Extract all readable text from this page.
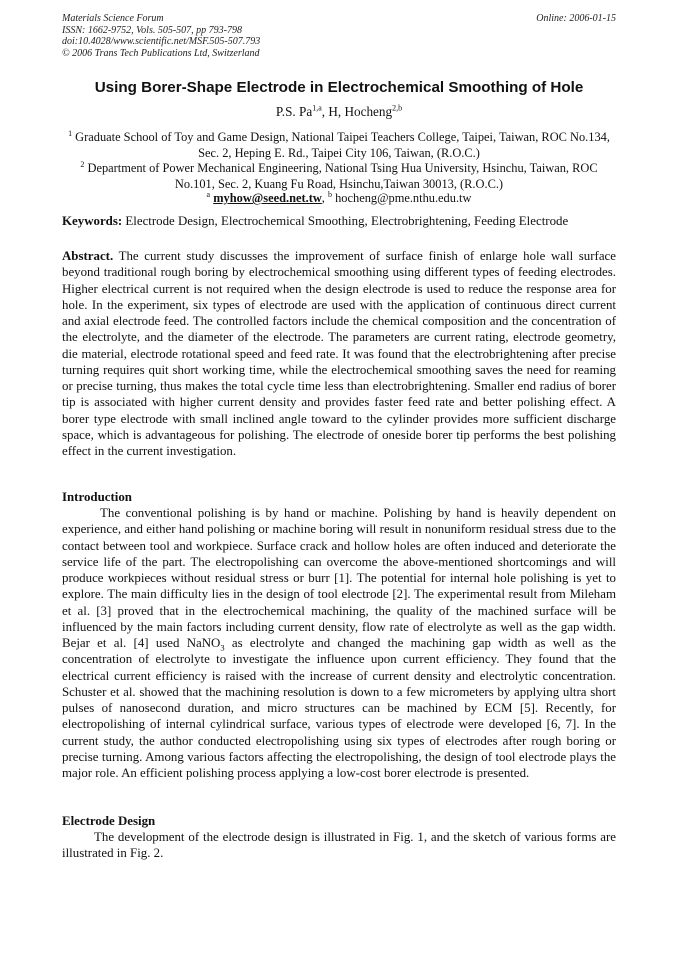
Materials Science Forum
ISSN: 1662-9752, Vols. 505-507, pp 793-798
doi:10.4028/www.scientific.net/MSF.505-507.793
© 2006 Trans Tech Publications Ltd, Switzerland
Online: 2006-01-15
Using Borer-Shape Electrode in Electrochemical Smoothing of Hole
P.S. Pa$^{1,a}$, H, Hocheng$^{2,b}$
$^1$ Graduate School of Toy and Game Design, National Taipei Teachers College, Taipei, Taiwan, ROC No.134, Sec. 2, Heping E. Rd., Taipei City 106, Taiwan, (R.O.C.)
$^2$ Department of Power Mechanical Engineering, National Tsing Hua University, Hsinchu, Taiwan, ROC No.101, Sec. 2, Kuang Fu Road, Hsinchu,Taiwan 30013, (R.O.C.)
$^a$ myhow@seed.net.tw, $^b$ hocheng@pme.nthu.edu.tw
Keywords: Electrode Design, Electrochemical Smoothing, Electrobrightening, Feeding Electrode
Abstract. The current study discusses the improvement of surface finish of enlarge hole wall surface beyond traditional rough boring by electrochemical smoothing using different types of feeding electrodes. Higher electrical current is not required when the design electrode is used to reduce the response area for hole. In the experiment, six types of electrode are used with the application of continuous direct current and axial electrode feed. The controlled factors include the chemical composition and the concentration of the electrolyte, and the diameter of the electrode. The parameters are current rating, electrode geometry, die material, electrode rotational speed and feed rate. It was found that the electrobrightening after precise turning requires quit short working time, while the electrochemical smoothing saves the need for reaming or precise turning, thus makes the total cycle time less than electrobrightening. Smaller end radius of borer tip is associated with higher current density and provides faster feed rate and better polishing effect. A borer type electrode with small inclined angle toward to the cylinder provides more sufficient discharge space, which is advantageous for polishing. The electrode of oneside borer tip performs the best polishing effect in the current investigation.
Introduction
The conventional polishing is by hand or machine. Polishing by hand is heavily dependent on experience, and either hand polishing or machine boring will result in nonuniform residual stress due to the contact between tool and workpiece. Surface crack and hollow holes are often induced and deteriorate the service life of the part. The electropolishing can overcome the above-mentioned shortcomings and will produce workpieces without residual stress or burr [1]. The potential for internal hole polishing is yet to explore. The main difficulty lies in the design of tool electrode [2]. The experimental result from Mileham et al. [3] proved that in the electrochemical machining, the quality of the machined surface will be influenced by the main factors including current density, flow rate of electrolyte as well as the gap width. Bejar et al. [4] used NaNO$_3$ as electrolyte and changed the machining gap width as well as the concentration of electrolyte to investigate the influence upon current efficiency. They found that the electrical current efficiency is raised with the increase of current density and electrolytic concentration. Schuster et al. showed that the machining resolution is down to a few micrometers by applying ultra short pulses of nanosecond duration, and micro structures can be machined by ECM [5]. Recently, for electropolishing of internal cylindrical surface, various types of electrode were developed [6, 7]. In the current study, the author conducted electropolishing using six types of electrodes after rough boring or precise turning. Among various factors affecting the electropolishing, the design of tool electrode plays the major role. An efficient polishing process applying a low-cost borer electrode is presented.
Electrode Design
The development of the electrode design is illustrated in Fig. 1, and the sketch of various forms are illustrated in Fig. 2.
